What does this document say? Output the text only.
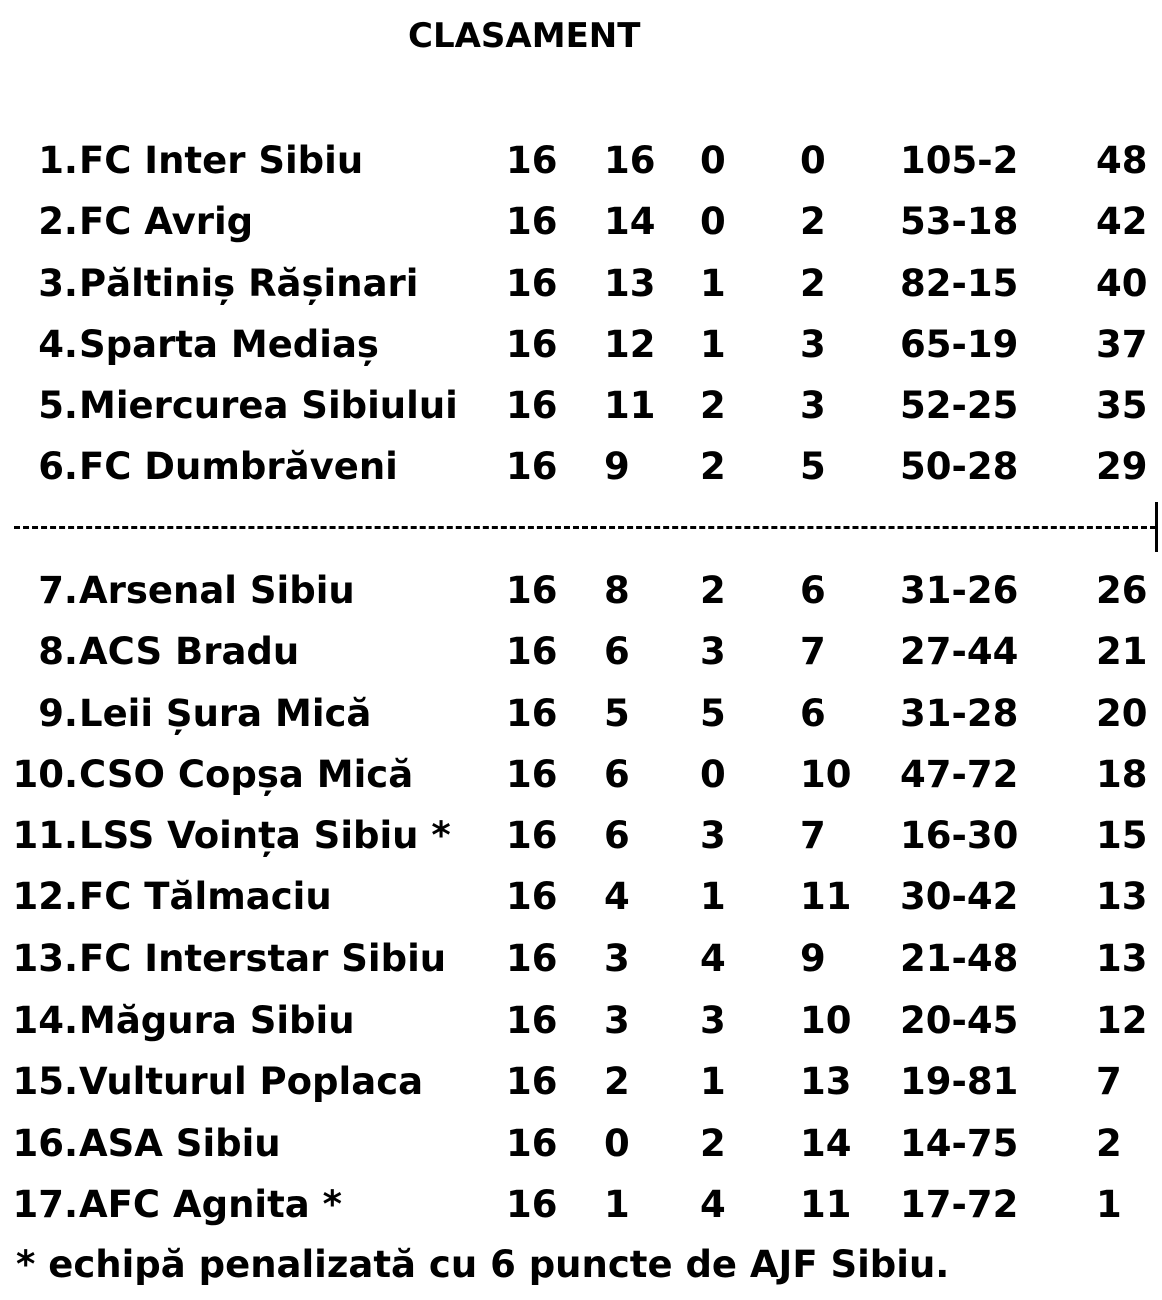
CLASAMENT
1. FC Inter Sibiu	16 16 0 0 105-2 48
2. FC Avrig	16 14 0 2 53-18 42
3. Păltiniș Rășinari 16 13 1 2 82-15 40
4. Sparta Mediaș	16 12 1 3 65-19 37
5. Miercurea Sibiului 16 11 2 3 52-25 35
6. FC Dumbrăveni	16 9 2 5 50-28 29
7. Arsenal Sibiu	16 8 2 6 31-26 26
8. ACS Bradu	16 6 3 7 27-44 21
9. Leii Șura Mică	16 5 5 6 31-28 20
10. CSO Copșa Mică	16 6 0 10 47-72 18
11. LSS Voința Sibiu * 16 6 3 7 16-30 15
12. FC Tălmaciu	16 4 1 11 30-42 13
13. FC Interstar Sibiu 16 3 4 9 21-48 13
14. Măgura Sibiu	16 3 3 10 20-45 12
15. Vulturul Poplaca 16 2 1 13 19-81 7
16. ASA Sibiu	16 0 2 14 14-75 2
17. AFC Agnita *	16 1 4 11 17-72 1
* echipă penalizată cu 6 puncte de AJF Sibiu.
